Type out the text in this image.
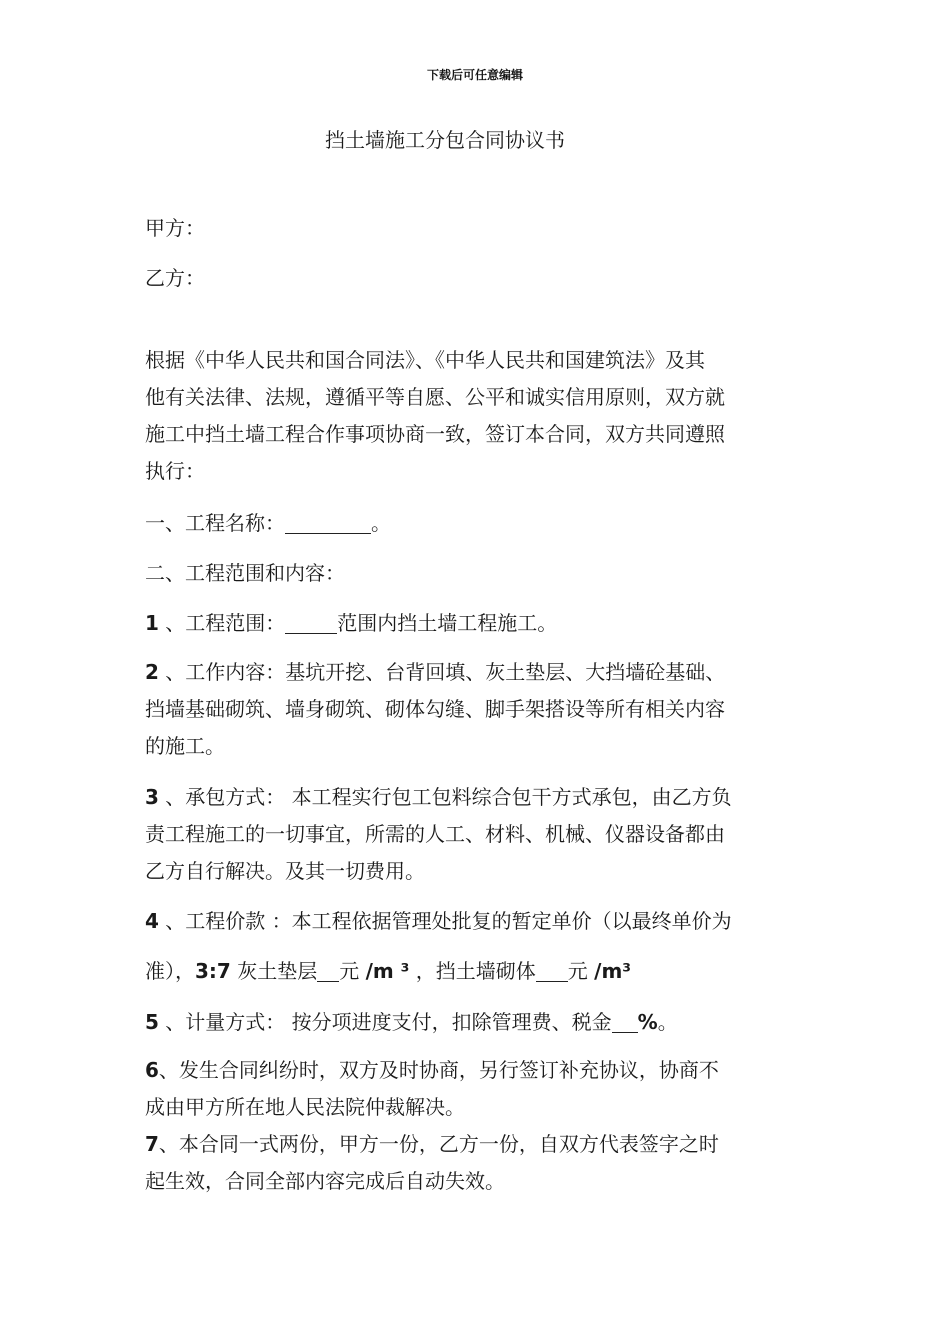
下载后可任意编辑
挡土墙施工分包合同协议书
甲方：
乙方：
根据《中华人民共和国合同法》、《中华人民共和国建筑法》及其
他有关法律、法规，遵循平等自愿、公平和诚实信用原则，双方就
施工中挡土墙工程合作事项协商一致，签订本合同，双方共同遵照
执行：
一、工程名称：	。
二、工程范围和内容：
1 、工程范围：	范围内挡土墙工程施工。
2 、工作内容：基坑开挖、台背回填、灰土垫层、大挡墙砼基础、
挡墙基础砌筑、墙身砌筑、砌体勾缝、脚手架搭设等所有相关内容
的施工。
3 、承包方式： 本工程实行包工包料综合包干方式承包，由乙方负
责工程施工的一切事宜，所需的人工、材料、机械、仪器设备都由
乙方自行解决。及其一切费用。
4 、工程价款 ：本工程依据管理处批复的暂定单价（以最终单价为
准），3:7 灰土垫层 元 /m ³ ，挡土墙砌体 元 /m³
5 、计量方式： 按分项进度支付，扣除管理费、税金 %。
6、发生合同纠纷时，双方及时协商，另行签订补充协议，协商不
成由甲方所在地人民法院仲裁解决。
7、本合同一式两份，甲方一份，乙方一份，自双方代表签字之时
起生效，合同全部内容完成后自动失效。
